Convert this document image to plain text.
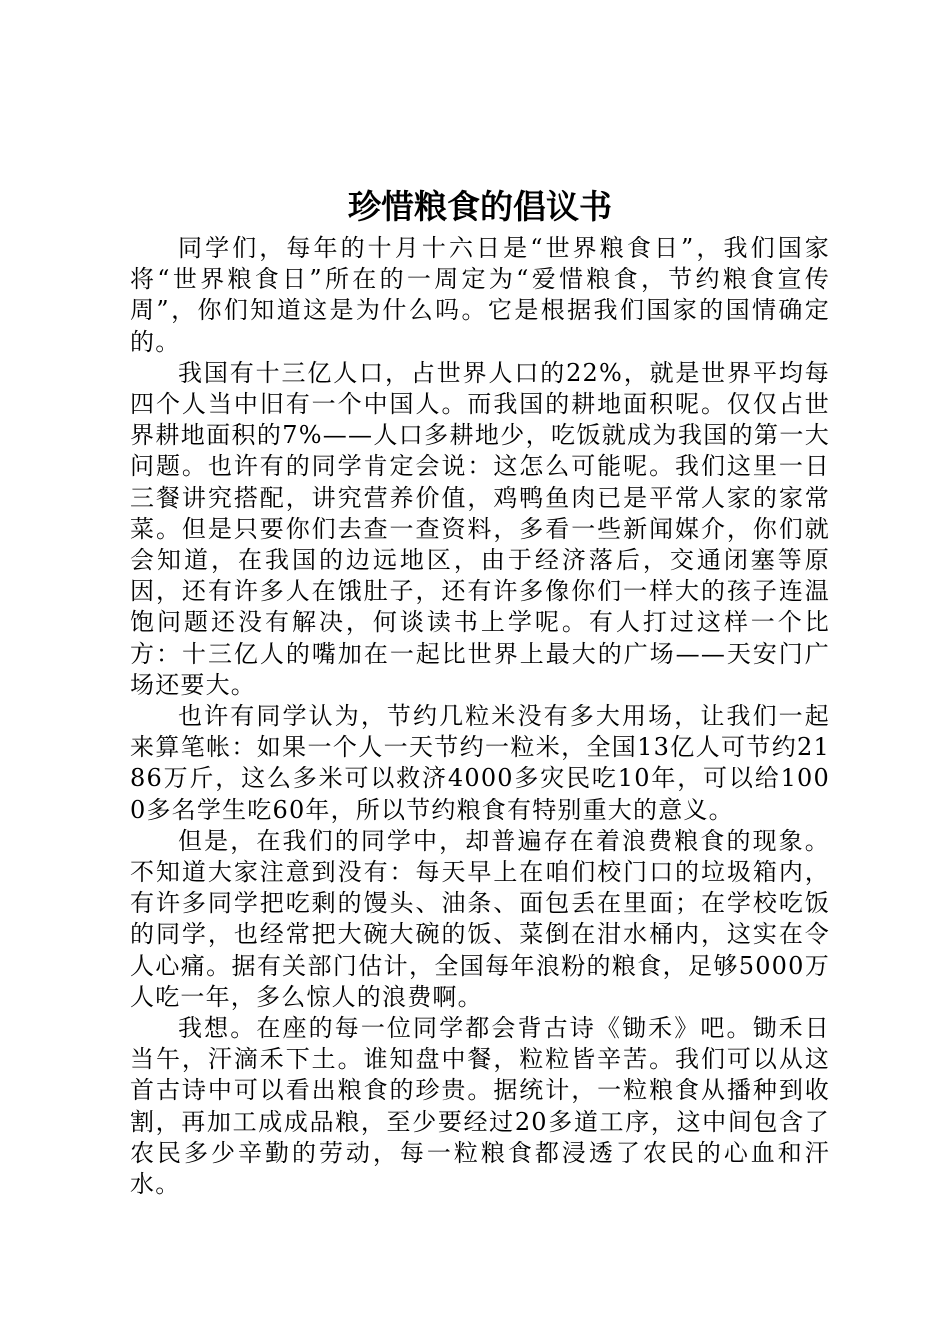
珍惜粮食的倡议书

同学们，每年的十月十六日是“世界粮食日”，我们国家将“世界粮食日”所在的一周定为“爱惜粮食，节约粮食宣传周”，你们知道这是为什么吗。它是根据我们国家的国情确定的。

我国有十三亿人口，占世界人口的22%，就是世界平均每四个人当中旧有一个中国人。而我国的耕地面积呢。仅仅占世界耕地面积的7%——人口多耕地少，吃饭就成为我国的第一大问题。也许有的同学肯定会说：这怎么可能呢。我们这里一日三餐讲究搭配，讲究营养价值，鸡鸭鱼肉已是平常人家的家常菜。但是只要你们去查一查资料，多看一些新闻媒介，你们就会知道，在我国的边远地区，由于经济落后，交通闭塞等原因，还有许多人在饿肚子，还有许多像你们一样大的孩子连温饱问题还没有解决，何谈读书上学呢。有人打过这样一个比方：十三亿人的嘴加在一起比世界上最大的广场——天安门广场还要大。

也许有同学认为，节约几粒米没有多大用场，让我们一起来算笔帐：如果一个人一天节约一粒米，全国13亿人可节约2186万斤，这么多米可以救济4000多灾民吃10年，可以给1000多名学生吃60年，所以节约粮食有特别重大的意义。

但是，在我们的同学中，却普遍存在着浪费粮食的现象。不知道大家注意到没有：每天早上在咱们校门口的垃圾箱内，有许多同学把吃剩的馒头、油条、面包丢在里面；在学校吃饭的同学，也经常把大碗大碗的饭、菜倒在泔水桶内，这实在令人心痛。据有关部门估计，全国每年浪粉的粮食，足够5000万人吃一年，多么惊人的浪费啊。

我想。在座的每一位同学都会背古诗《锄禾》吧。锄禾日当午，汗滴禾下土。谁知盘中餐，粒粒皆辛苦。我们可以从这首古诗中可以看出粮食的珍贵。据统计，一粒粮食从播种到收割，再加工成成品粮，至少要经过20多道工序，这中间包含了农民多少辛勤的劳动，每一粒粮食都浸透了农民的心血和汗水。
